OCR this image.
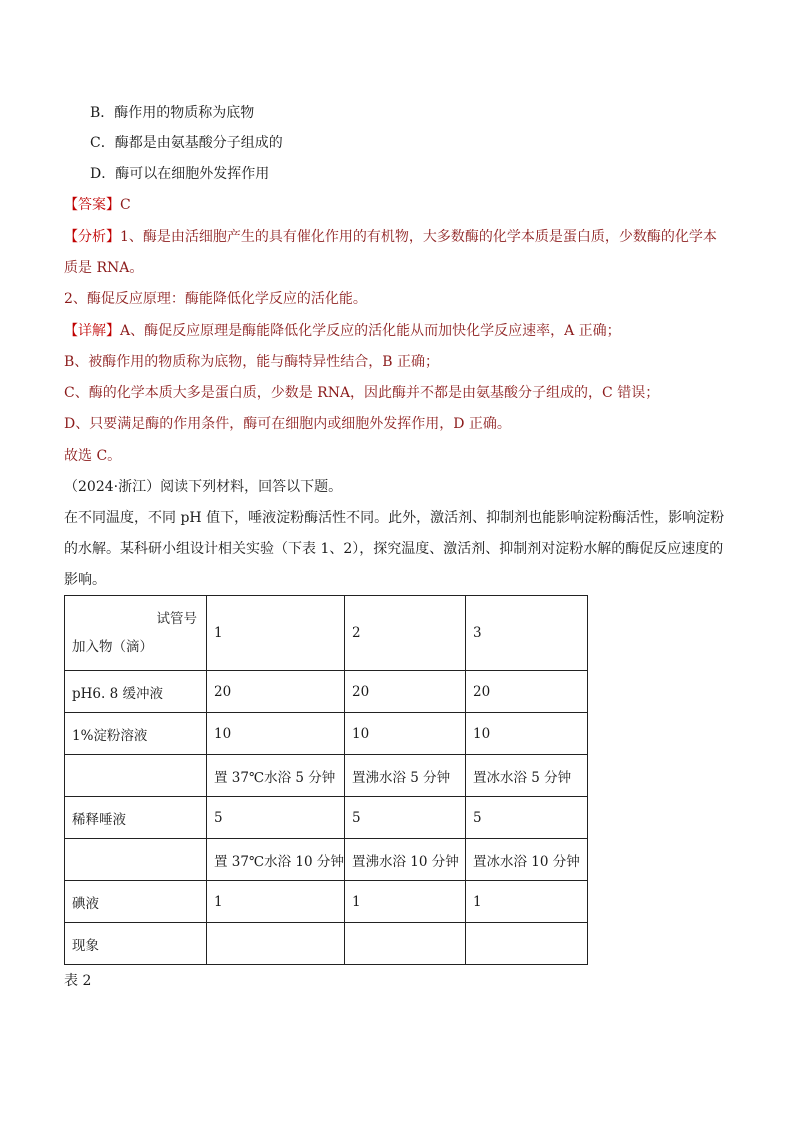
B．酶作用的物质称为底物
C．酶都是由氨基酸分子组成的
D．酶可以在细胞外发挥作用
【答案】C
【分析】1、酶是由活细胞产生的具有催化作用的有机物，大多数酶的化学本质是蛋白质，少数酶的化学本
质是 RNA。
2、酶促反应原理：酶能降低化学反应的活化能。
【详解】A、酶促反应原理是酶能降低化学反应的活化能从而加快化学反应速率，A 正确；
B、被酶作用的物质称为底物，能与酶特异性结合，B 正确；
C、酶的化学本质大多是蛋白质，少数是 RNA，因此酶并不都是由氨基酸分子组成的，C 错误；
D、只要满足酶的作用条件，酶可在细胞内或细胞外发挥作用，D 正确。
故选 C。
（2024·浙江）阅读下列材料，回答以下题。
在不同温度，不同 pH 值下，唾液淀粉酶活性不同。此外，激活剂、抑制剂也能影响淀粉酶活性，影响淀粉
的水解。某科研小组设计相关实验（下表 1、2），探究温度、激活剂、抑制剂对淀粉水解的酶促反应速度的
影响。
试管号
加入物（滴）	1	2	3
pH6. 8 缓冲液	20	20	20
1%淀粉溶液	10	10	10
	置 37℃水浴 5 分钟	置沸水浴 5 分钟	置冰水浴 5 分钟
稀释唾液	5	5	5
	置 37℃水浴 10 分钟	置沸水浴 10 分钟	置冰水浴 10 分钟
碘液	1	1	1
现象			
表 2
